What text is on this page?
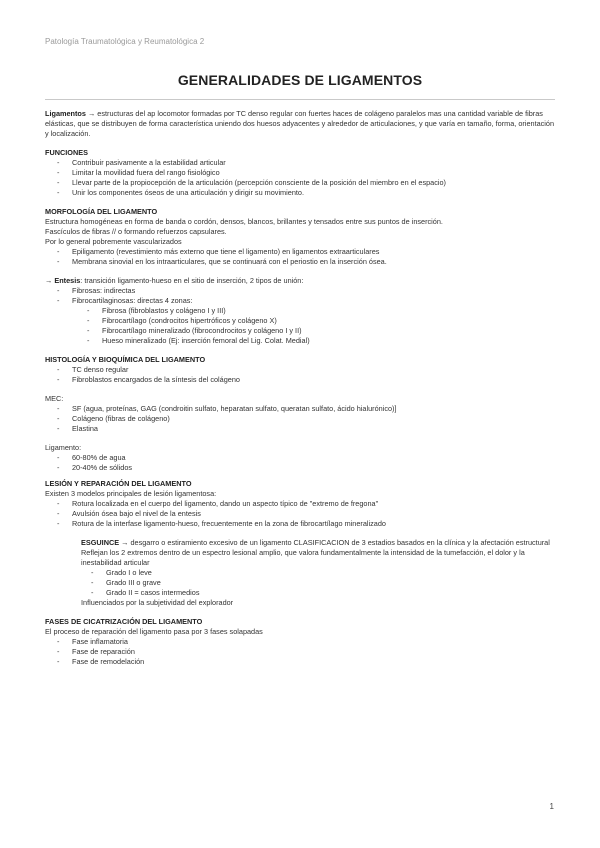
Patología Traumatológica y Reumatológica 2
GENERALIDADES DE LIGAMENTOS

Ligamentos → estructuras del ap locomotor formadas por TC denso regular con fuertes haces de colágeno paralelos mas una cantidad variable de fibras elásticas, que se distribuyen de forma característica uniendo dos huesos adyacentes y alrededor de articulaciones, y que varía en tamaño, forma, orientación y localización.

FUNCIONES

- Contribuir pasivamente a la estabilidad articular
- Limitar la movilidad fuera del rango fisiológico
- Llevar parte de la propiocepción de la articulación (percepción consciente de la posición del miembro en el espacio)
- Unir los componentes óseos de una articulación y dirigir su movimiento.

MORFOLOGÍA DEL LIGAMENTO

Estructura homogéneas en forma de banda o cordón, densos, blancos, brillantes y tensados entre sus puntos de inserción.

Fascículos de fibras // o formando refuerzos capsulares.

Por lo general pobremente vascularizados

- Epiligamento (revestimiento más externo que tiene el ligamento) en ligamentos extraarticulares
- Membrana sinovial en los intraarticulares, que se continuará con el periostio en la inserción ósea.

→ Entesis: transición ligamento-hueso en el sitio de inserción, 2 tipos de unión:

- Fibrosas: indirectas
- Fibrocartilaginosas: directas 4 zonas:
- Fibrosa (fibroblastos y colágeno I y III)
- Fibrocartílago (condrocitos hipertróficos y colágeno X)
- Fibrocartílago mineralizado (fibrocondrocitos y colágeno I y II)
- Hueso mineralizado (Ej: inserción femoral del Lig. Colat. Medial)

HISTOLOGÍA Y BIOQUÍMICA DEL LIGAMENTO

- TC denso regular
- Fibroblastos encargados de la síntesis del colágeno

MEC:

- SF (agua, proteínas, GAG (condroitin sulfato, heparatan sulfato, queratan sulfato, ácido hialurónico)]
- Colágeno (fibras de colágeno)
- Elastina

Ligamento:

- 60-80% de agua
- 20-40% de sólidos

LESIÓN Y REPARACIÓN DEL LIGAMENTO

Existen 3 modelos principales de lesión ligamentosa:

- Rotura localizada en el cuerpo del ligamento, dando un aspecto típico de "extremo de fregona"
- Avulsión ósea bajo el nivel de la entesis
- Rotura de la interfase ligamento-hueso, frecuentemente en la zona de fibrocartílago mineralizado

ESGUINCE → desgarro o estiramiento excesivo de un ligamento CLASIFICACION de 3 estadios basados en la clínica y la afectación estructural

Reflejan los 2 extremos dentro de un espectro lesional amplio, que valora fundamentalmente la intensidad de la tumefacción, el dolor y la inestabilidad articular

- Grado I o leve
- Grado III o grave
- Grado II = casos intermedios

Influenciados por la subjetividad del explorador

FASES DE CICATRIZACIÓN DEL LIGAMENTO

El proceso de reparación del ligamento pasa por 3 fases solapadas

- Fase inflamatoria
- Fase de reparación
- Fase de remodelación
1
